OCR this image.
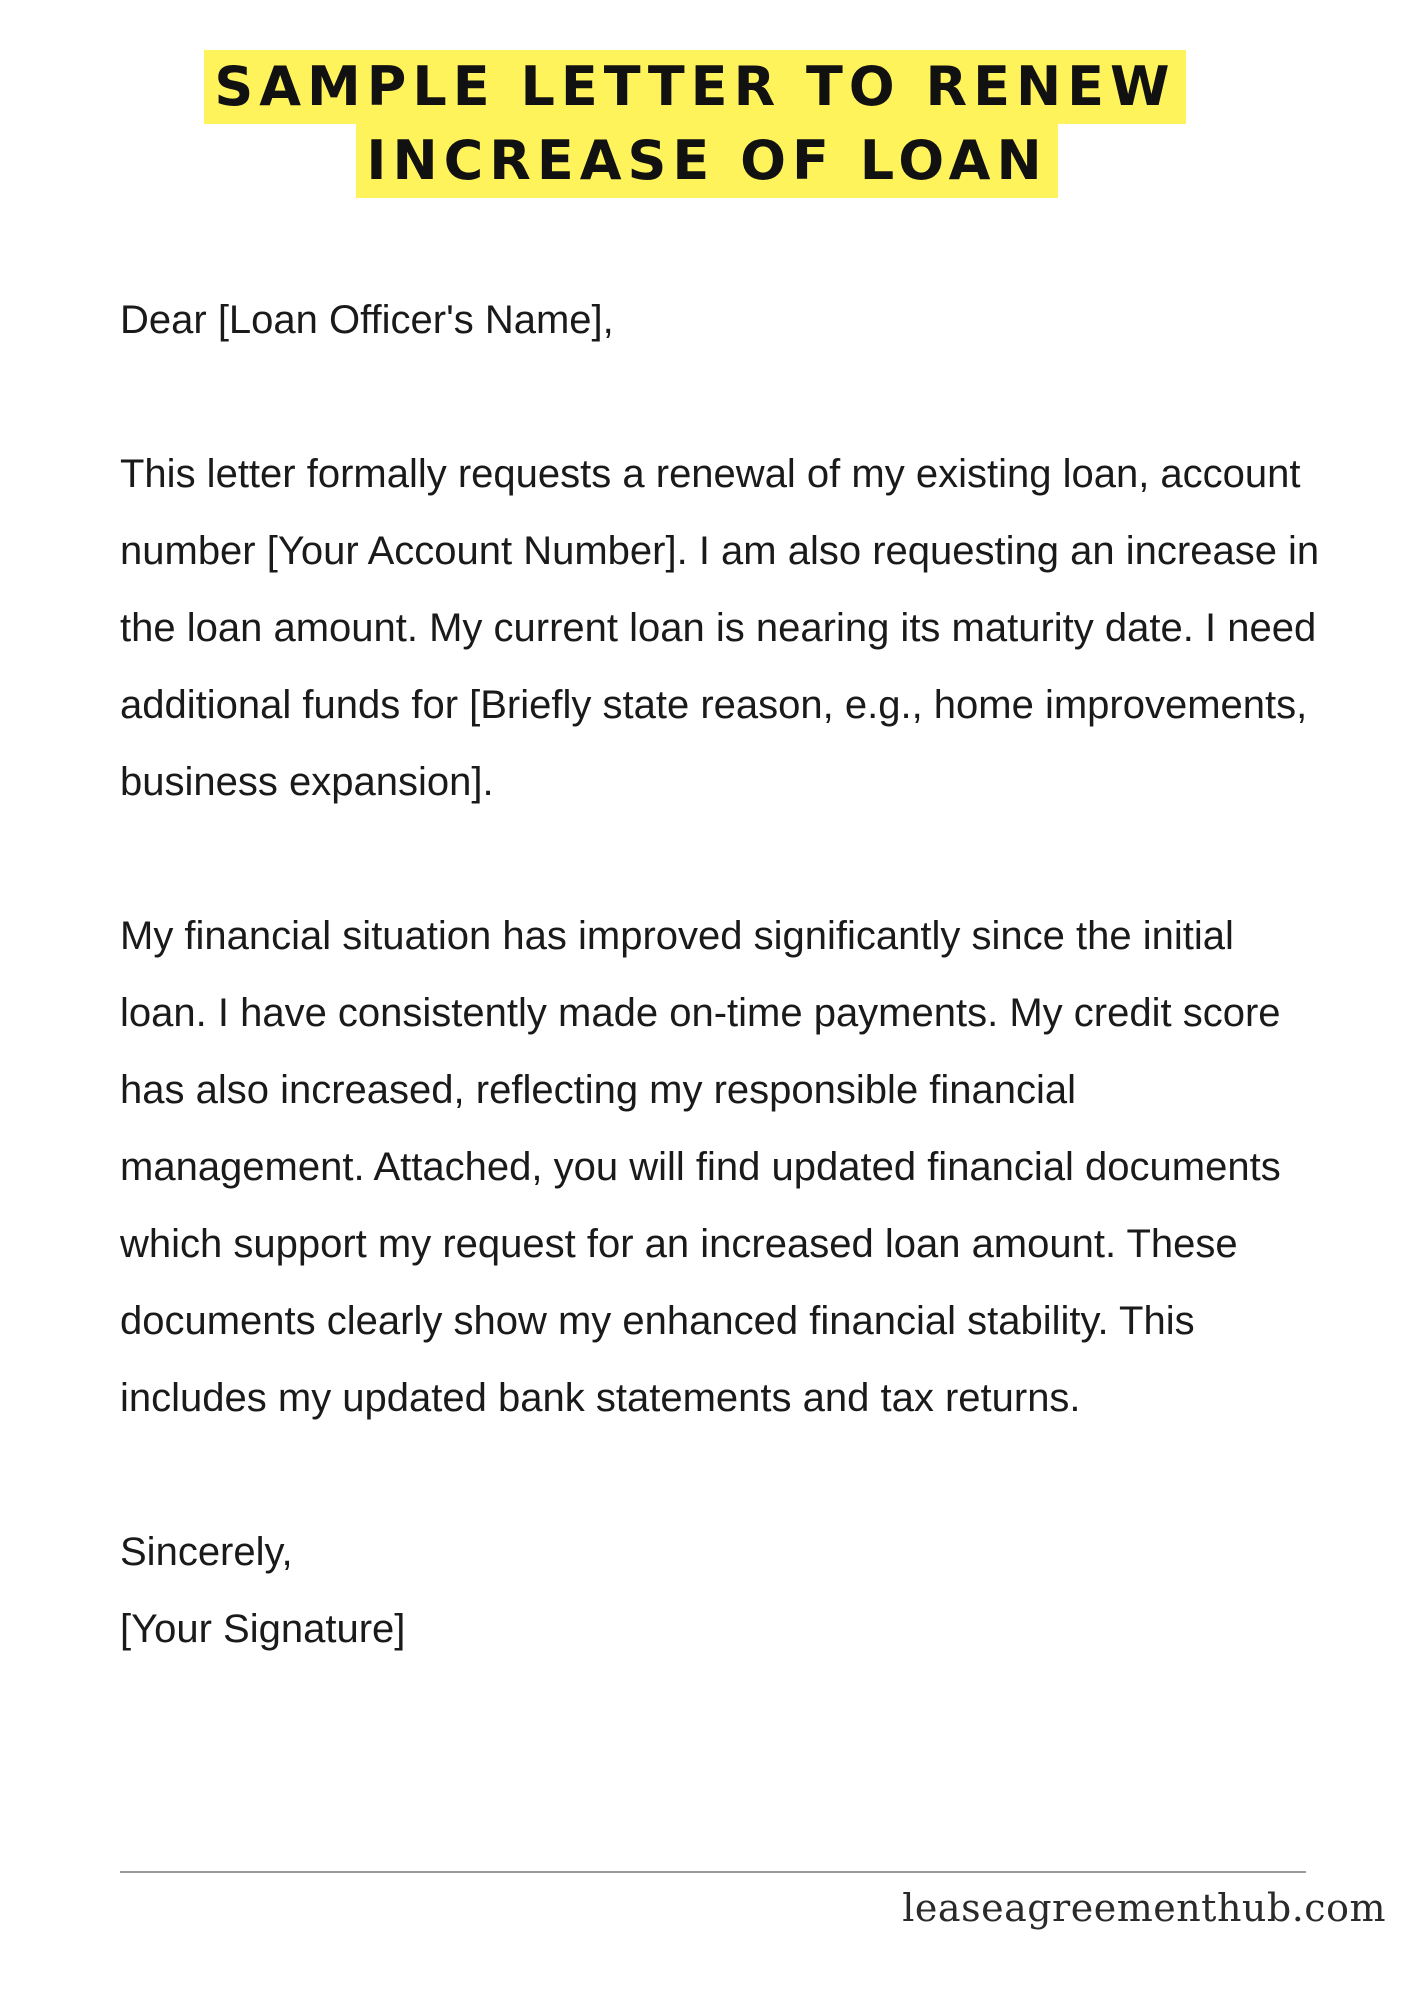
SAMPLE LETTER TO RENEW
INCREASE OF LOAN

Dear [Loan Officer's Name],

This letter formally requests a renewal of my existing loan, account number [Your Account Number]. I am also requesting an increase in the loan amount. My current loan is nearing its maturity date. I need additional funds for [Briefly state reason, e.g., home improvements, business expansion].

My financial situation has improved significantly since the initial loan. I have consistently made on-time payments. My credit score has also increased, reflecting my responsible financial management. Attached, you will find updated financial documents which support my request for an increased loan amount. These documents clearly show my enhanced financial stability. This includes my updated bank statements and tax returns.

Sincerely,

[Your Signature]

leaseagreementhub.com
